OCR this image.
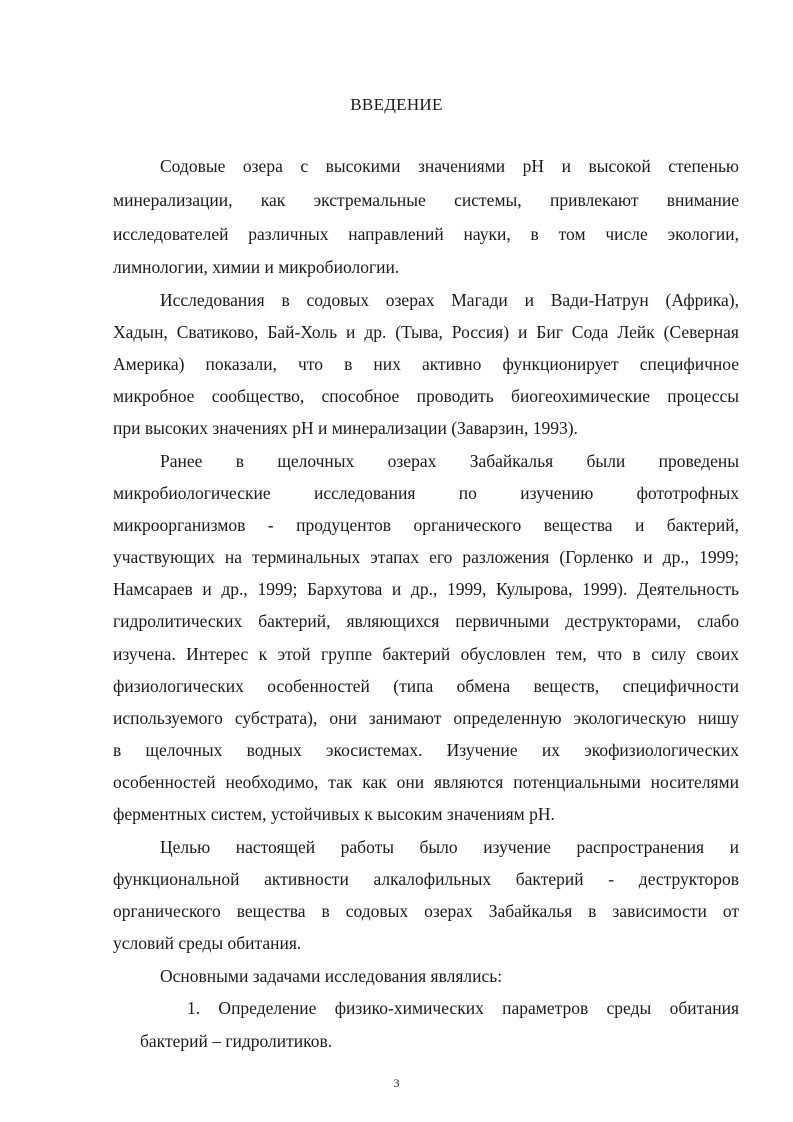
ВВЕДЕНИЕ

Содовые озера с высокими значениями рН и высокой степенью

минерализации, как экстремальные системы, привлекают внимание

исследователей различных направлений науки, в том числе экологии,

лимнологии, химии и микробиологии.

Исследования в содовых озерах Магади и Вади-Натрун (Африка),

Хадын, Сватиково, Бай-Холь и др. (Тыва, Россия) и Биг Сода Лейк (Северная

Америка) показали, что в них активно функционирует специфичное

микробное сообщество, способное проводить биогеохимические процессы

при высоких значениях рН и минерализации (Заварзин, 1993).

Ранее в щелочных озерах Забайкалья были проведены

микробиологические исследования по изучению фототрофных

микроорганизмов - продуцентов органического вещества и бактерий,

участвующих на терминальных этапах его разложения (Горленко и др., 1999;

Намсараев и др., 1999; Бархутова и др., 1999, Кулырова, 1999). Деятельность

гидролитических бактерий, являющихся первичными деструкторами, слабо

изучена. Интерес к этой группе бактерий обусловлен тем, что в силу своих

физиологических особенностей (типа обмена веществ, специфичности

используемого субстрата), они занимают определенную экологическую нишу

в щелочных водных экосистемах. Изучение их экофизиологических

особенностей необходимо, так как они являются потенциальными носителями

ферментных систем, устойчивых к высоким значениям рН.

Целью настоящей работы было изучение распространения и

функциональной активности алкалофильных бактерий - деструкторов

органического вещества в содовых озерах Забайкалья в зависимости от

условий среды обитания.

Основными задачами исследования являлись:

1. Определение физико-химических параметров среды обитания

бактерий – гидролитиков.

3
